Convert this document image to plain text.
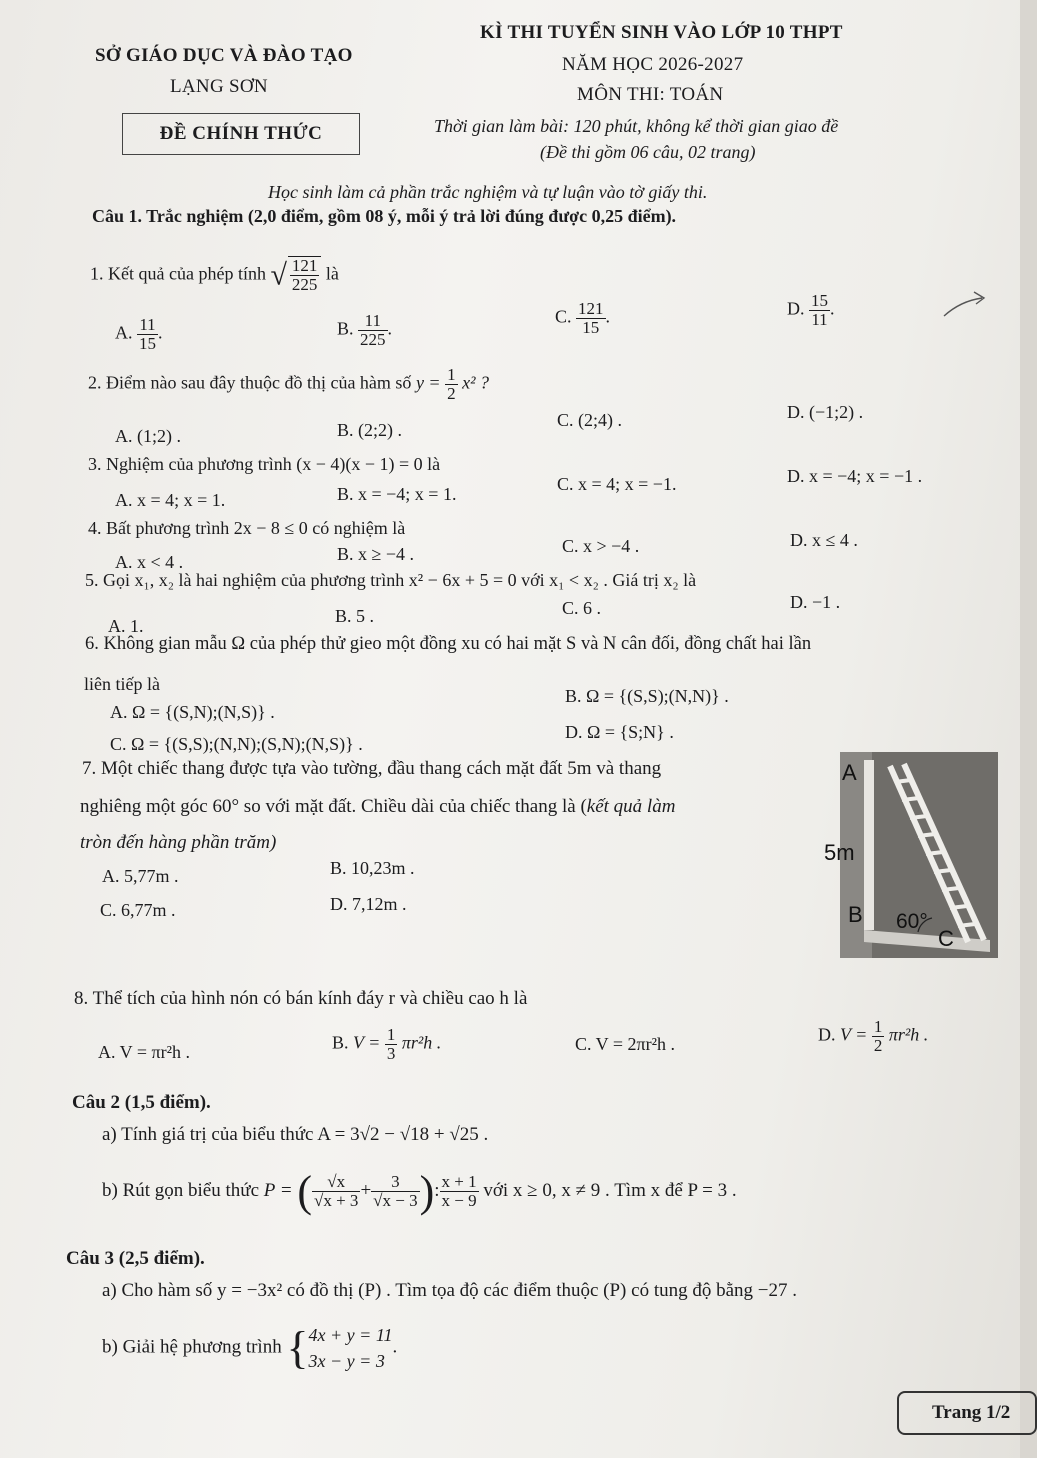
SỞ GIÁO DỤC VÀ ĐÀO TẠO
LẠNG SƠN
ĐỀ CHÍNH THỨC
KÌ THI TUYỂN SINH VÀO LỚP 10 THPT
NĂM HỌC 2026-2027
MÔN THI: TOÁN
Thời gian làm bài: 120 phút, không kể thời gian giao đề
(Đề thi gồm 06 câu, 02 trang)
Học sinh làm cả phần trắc nghiệm và tự luận vào tờ giấy thi.
Câu 1. Trắc nghiệm (2,0 điểm, gồm 08 ý, mỗi ý trả lời đúng được 0,25 điểm).
1. Kết quả của phép tính √ $\frac{121}{225}$ là
A. $\frac{11}{15}$ .	B. $\frac{11}{225}$ .
C. $\frac{121}{15}$ .	D. $\frac{15}{11}$ .
2. Điểm nào sau đây thuộc đồ thị của hàm số $y = \frac{1}{2} x^2$ ?
A. (1;2) .	B. (2;2) .	C. (2;4) .	D. (−1;2) .
3. Nghiệm của phương trình (x − 4)(x − 1) = 0 là
A. x = 4; x = 1.	B. x = −4; x = 1.	C. x = 4; x = −1.	D. x = −4; x = −1 .
4. Bất phương trình 2x − 8 ≤ 0 có nghiệm là
A. x < 4 .	B. x ≥ −4 .	C. x > −4 .	D. x ≤ 4 .
5. Gọi x₁, x₂ là hai nghiệm của phương trình x² − 6x + 5 = 0 với x₁ < x₂ . Giá trị x₂ là
A. 1.	B. 5 .	C. 6 .	D. −1 .
6. Không gian mẫu Ω của phép thử gieo một đồng xu có hai mặt S và N cân đối, đồng chất hai lần
liên tiếp là
A. Ω = {(S,N);(N,S)} .
B. Ω = {(S,S);(N,N)} .
C. Ω = {(S,S);(N,N);(S,N);(N,S)} .
D. Ω = {S;N} .
7. Một chiếc thang được tựa vào tường, đầu thang cách mặt đất 5m và thang
nghiêng một góc 60° so với mặt đất. Chiều dài của chiếc thang là (kết quả làm
tròn đến hàng phần trăm)
A. 5,77m .	B. 10,23m .
C. 6,77m .	D. 7,12m .
A
5m
B 60°
C
8. Thể tích của hình nón có bán kính đáy r và chiều cao h là
A. V = πr²h .	B. $V = \frac{1}{3} \pi r^2h$ .	C. V = 2πr²h .	D. $V = \frac{1}{2} \pi r^2h$ .
Câu 2 (1,5 điểm).
a) Tính giá trị của biểu thức A = 3√2 − √18 + √25 .
b) Rút gọn biểu thức P = ( $\frac{√x}{√x + 3} + \frac{3}{√x - 3}$ ): $\frac{x + 1}{x - 9}$ với x ≥ 0, x ≠ 9 . Tìm x để P = 3 .
Câu 3 (2,5 điểm).
a) Cho hàm số y = −3x² có đồ thị (P) . Tìm tọa độ các điểm thuộc (P) có tung độ bằng −27 .
b) Giải hệ phương trình { 4x + y = 11
3x − y = 3
.
Trang 1/2
